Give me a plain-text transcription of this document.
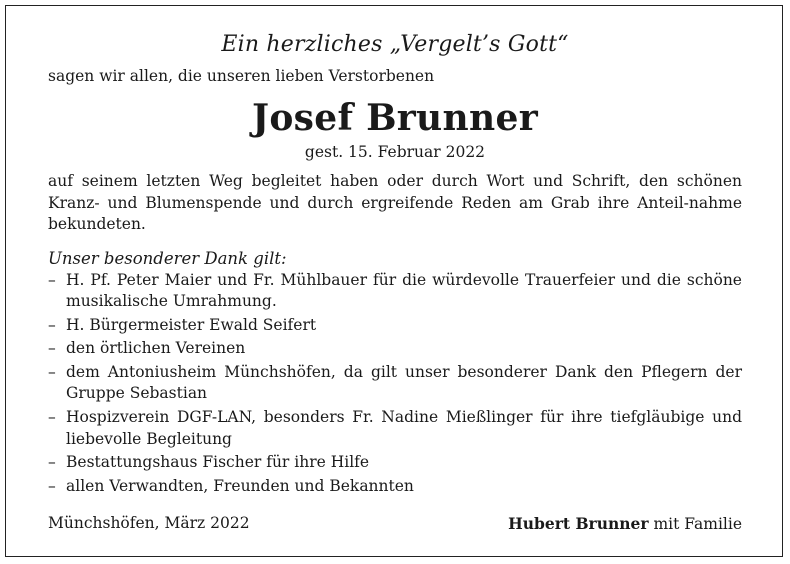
Ein herzliches „Vergelt’s Gott“

sagen wir allen, die unseren lieben Verstorbenen

Josef Brunner

gest. 15. Februar 2022

auf seinem letzten Weg begleitet haben oder durch Wort und Schrift, den schönen Kranz- und Blumenspende und durch ergreifende Reden am Grab ihre Anteil-nahme bekundeten.

Unser besonderer Dank gilt:

– H. Pf. Peter Maier und Fr. Mühlbauer für die würdevolle Trauerfeier und die schöne musikalische Umrahmung.
– H. Bürgermeister Ewald Seifert
– den örtlichen Vereinen
– dem Antoniusheim Münchshöfen, da gilt unser besonderer Dank den Pflegern der Gruppe Sebastian
– Hospizverein DGF-LAN, besonders Fr. Nadine Mießlinger für ihre tiefgläubige und liebevolle Begleitung
– Bestattungshaus Fischer für ihre Hilfe
– allen Verwandten, Freunden und Bekannten
Münchshöfen, März 2022	Hubert Brunner mit Familie
